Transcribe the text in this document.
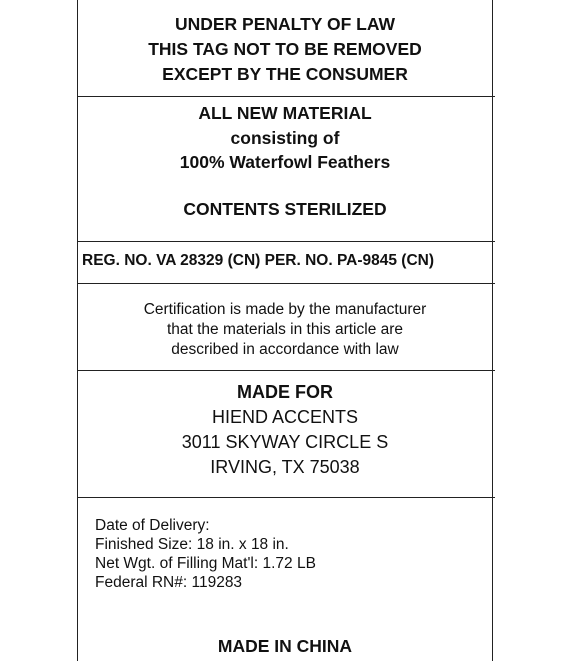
UNDER PENALTY OF LAW
THIS TAG NOT TO BE REMOVED
EXCEPT BY THE CONSUMER
ALL NEW MATERIAL
consisting of
100% Waterfowl Feathers
CONTENTS STERILIZED
REG. NO. VA 28329 (CN) PER. NO. PA-9845 (CN)
Certification is made by the manufacturer
that the materials in this article are
described in accordance with law
MADE FOR
HIEND ACCENTS
3011 SKYWAY CIRCLE S
IRVING, TX 75038
Date of Delivery:
Finished Size: 18 in. x 18 in.
Net Wgt. of Filling Mat'l: 1.72 LB
Federal RN#: 119283
MADE IN CHINA
